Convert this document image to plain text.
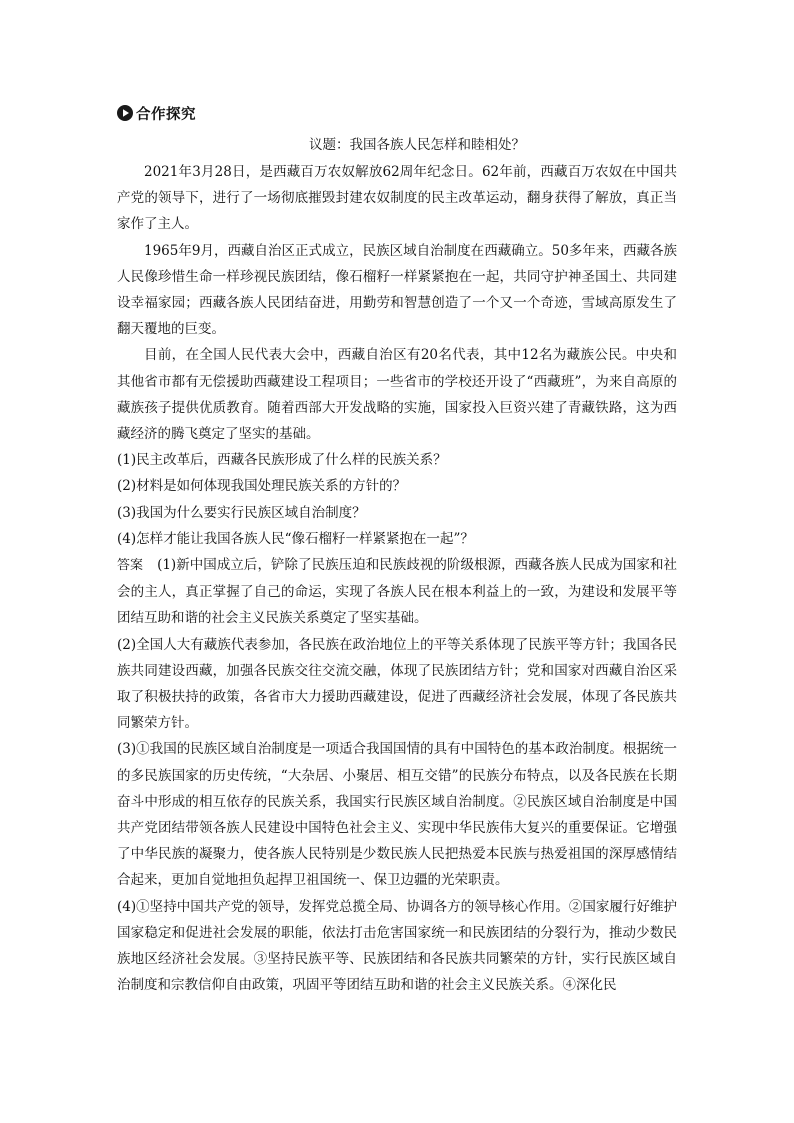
合作探究
议题：我国各族人民怎样和睦相处？

2021年3月28日，是西藏百万农奴解放62周年纪念日。62年前，西藏百万农奴在中国共产党的领导下，进行了一场彻底摧毁封建农奴制度的民主改革运动，翻身获得了解放，真正当家作了主人。

1965年9月，西藏自治区正式成立，民族区域自治制度在西藏确立。50多年来，西藏各族人民像珍惜生命一样珍视民族团结，像石榴籽一样紧紧抱在一起，共同守护神圣国土、共同建设幸福家园；西藏各族人民团结奋进，用勤劳和智慧创造了一个又一个奇迹，雪域高原发生了翻天覆地的巨变。

目前，在全国人民代表大会中，西藏自治区有20名代表，其中12名为藏族公民。中央和其他省市都有无偿援助西藏建设工程项目；一些省市的学校还开设了“西藏班”，为来自高原的藏族孩子提供优质教育。随着西部大开发战略的实施，国家投入巨资兴建了青藏铁路，这为西藏经济的腾飞奠定了坚实的基础。

(1)民主改革后，西藏各民族形成了什么样的民族关系？

(2)材料是如何体现我国处理民族关系的方针的？

(3)我国为什么要实行民族区域自治制度？

(4)怎样才能让我国各族人民“像石榴籽一样紧紧抱在一起”？

答案 (1)新中国成立后，铲除了民族压迫和民族歧视的阶级根源，西藏各族人民成为国家和社会的主人，真正掌握了自己的命运，实现了各族人民在根本利益上的一致，为建设和发展平等团结互助和谐的社会主义民族关系奠定了坚实基础。

(2)全国人大有藏族代表参加，各民族在政治地位上的平等关系体现了民族平等方针；我国各民族共同建设西藏，加强各民族交往交流交融，体现了民族团结方针；党和国家对西藏自治区采取了积极扶持的政策，各省市大力援助西藏建设，促进了西藏经济社会发展，体现了各民族共同繁荣方针。

(3)①我国的民族区域自治制度是一项适合我国国情的具有中国特色的基本政治制度。根据统一的多民族国家的历史传统，“大杂居、小聚居、相互交错”的民族分布特点，以及各民族在长期奋斗中形成的相互依存的民族关系，我国实行民族区域自治制度。②民族区域自治制度是中国共产党团结带领各族人民建设中国特色社会主义、实现中华民族伟大复兴的重要保证。它增强了中华民族的凝聚力，使各族人民特别是少数民族人民把热爱本民族与热爱祖国的深厚感情结合起来，更加自觉地担负起捍卫祖国统一、保卫边疆的光荣职责。

(4)①坚持中国共产党的领导，发挥党总揽全局、协调各方的领导核心作用。②国家履行好维护国家稳定和促进社会发展的职能，依法打击危害国家统一和民族团结的分裂行为，推动少数民族地区经济社会发展。③坚持民族平等、民族团结和各民族共同繁荣的方针，实行民族区域自治制度和宗教信仰自由政策，巩固平等团结互助和谐的社会主义民族关系。④深化民
